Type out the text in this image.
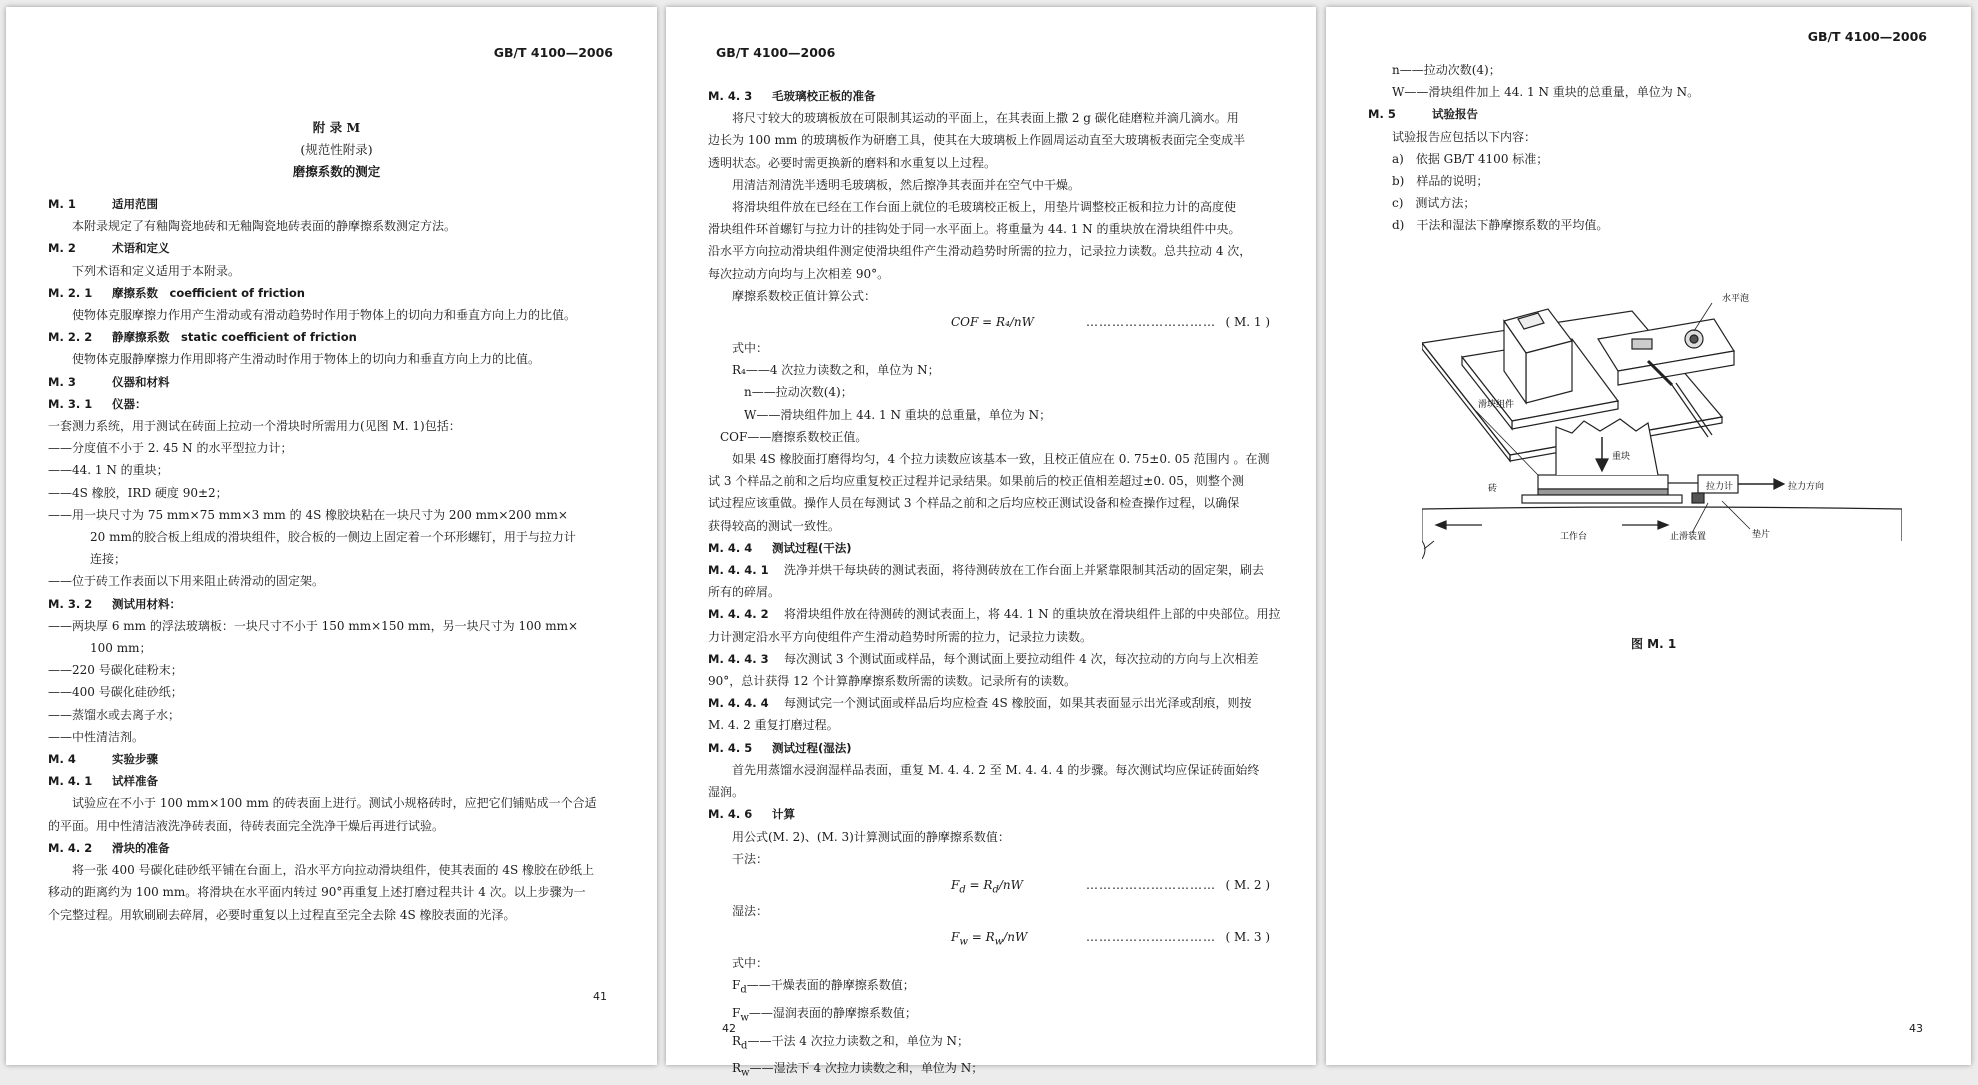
GB/T 4100—2006
附 录 M
(规范性附录)
磨擦系数的测定
M. 1	适用范围
本附录规定了有釉陶瓷地砖和无釉陶瓷地砖表面的静摩擦系数测定方法。
M. 2	术语和定义
下列术语和定义适用于本附录。
M. 2. 1 摩擦系数　coefficient of friction
使物体克服摩擦力作用产生滑动或有滑动趋势时作用于物体上的切向力和垂直方向上力的比值。
M. 2. 2 静摩擦系数　static coefficient of friction
使物体克服静摩擦力作用即将产生滑动时作用于物体上的切向力和垂直方向上力的比值。
M. 3	仪器和材料
M. 3. 1 仪器：
一套测力系统，用于测试在砖面上拉动一个滑块时所需用力(见图 M. 1)包括：
——分度值不小于 2. 45 N 的水平型拉力计；
——44. 1 N 的重块；
——4S 橡胶，IRD 硬度 90±2；
——用一块尺寸为 75 mm×75 mm×3 mm 的 4S 橡胶块粘在一块尺寸为 200 mm×200 mm×
20 mm的胶合板上组成的滑块组件，胶合板的一侧边上固定着一个环形螺钉，用于与拉力计
连接；
——位于砖工作表面以下用来阻止砖滑动的固定架。
M. 3. 2 测试用材料：
——两块厚 6 mm 的浮法玻璃板：一块尺寸不小于 150 mm×150 mm，另一块尺寸为 100 mm×
100 mm；
——220 号碳化硅粉末；
——400 号碳化硅砂纸；
——蒸馏水或去离子水；
——中性清洁剂。
M. 4	实验步骤
M. 4. 1 试样准备
试验应在不小于 100 mm×100 mm 的砖表面上进行。测试小规格砖时，应把它们铺贴成一个合适
的平面。用中性清洁液洗净砖表面，待砖表面完全洗净干燥后再进行试验。
M. 4. 2 滑块的准备
将一张 400 号碳化硅砂纸平铺在台面上，沿水平方向拉动滑块组件，使其表面的 4S 橡胶在砂纸上
移动的距离约为 100 mm。将滑块在水平面内转过 90°再重复上述打磨过程共计 4 次。以上步骤为一
个完整过程。用软刷刷去碎屑，必要时重复以上过程直至完全去除 4S 橡胶表面的光泽。
41
GB/T 4100—2006
M. 4. 3 毛玻璃校正板的准备
将尺寸较大的玻璃板放在可限制其运动的平面上，在其表面上撒 2 g 碳化硅磨粒并滴几滴水。用
边长为 100 mm 的玻璃板作为研磨工具，使其在大玻璃板上作圆周运动直至大玻璃板表面完全变成半
透明状态。必要时需更换新的磨料和水重复以上过程。
用清洁剂清洗半透明毛玻璃板，然后擦净其表面并在空气中干燥。
将滑块组件放在已经在工作台面上就位的毛玻璃校正板上，用垫片调整校正板和拉力计的高度使
滑块组件环首螺钉与拉力计的挂钩处于同一水平面上。将重量为 44. 1 N 的重块放在滑块组件中央。
沿水平方向拉动滑块组件测定使滑块组件产生滑动趋势时所需的拉力，记录拉力读数。总共拉动 4 次，
每次拉动方向均与上次相差 90°。
摩擦系数校正值计算公式：
COF = R₄/nW	………………………… ( M. 1 )
式中：
R₄——4 次拉力读数之和，单位为 N；
　n——拉动次数(4)；
　W——滑块组件加上 44. 1 N 重块的总重量，单位为 N；
　COF——磨擦系数校正值。
如果 4S 橡胶面打磨得均匀，4 个拉力读数应该基本一致，且校正值应在 0. 75±0. 05 范围内 。在测
试 3 个样品之前和之后均应重复校正过程并记录结果。如果前后的校正值相差超过±0. 05，则整个测
试过程应该重做。操作人员在每测试 3 个样品之前和之后均应校正测试设备和检查操作过程，以确保
获得较高的测试一致性。
M. 4. 4 测试过程(干法)
M. 4. 4. 1 洗净并烘干每块砖的测试表面，将待测砖放在工作台面上并紧靠限制其活动的固定架，刷去
所有的碎屑。
M. 4. 4. 2 将滑块组件放在待测砖的测试表面上，将 44. 1 N 的重块放在滑块组件上部的中央部位。用拉
力计测定沿水平方向使组件产生滑动趋势时所需的拉力，记录拉力读数。
M. 4. 4. 3 每次测试 3 个测试面或样品，每个测试面上要拉动组件 4 次，每次拉动的方向与上次相差
90°，总计获得 12 个计算静摩擦系数所需的读数。记录所有的读数。
M. 4. 4. 4 每测试完一个测试面或样品后均应检查 4S 橡胶面，如果其表面显示出光泽或刮痕，则按
M. 4. 2 重复打磨过程。
M. 4. 5 测试过程(湿法)
首先用蒸馏水浸润湿样品表面，重复 M. 4. 4. 2 至 M. 4. 4. 4 的步骤。每次测试均应保证砖面始终
湿润。
M. 4. 6 计算
用公式(M. 2)、(M. 3)计算测试面的静摩擦系数值：
干法：
$F_d = R_d/nW$	………………………… ( M. 2 )
湿法：
$F_w = R_w/nW$	………………………… ( M. 3 )
式中：
$F_d——$干燥表面的静摩擦系数值；
$F_w——$湿润表面的静摩擦系数值；
$R_d——$干法 4 次拉力读数之和，单位为 N；
$R_w——$湿法下 4 次拉力读数之和，单位为 N；
42
GB/T 4100—2006
n——拉动次数(4)；
W——滑块组件加上 44. 1 N 重块的总重量，单位为 N。
M. 5	试验报告
试验报告应包括以下内容：
a)　依据 GB/T 4100 标准；
b)　样品的说明；
c)　测试方法；
d)　干法和湿法下静摩擦系数的平均值。
水平泡
滑块组件
砖
重块
拉力计	拉力方向
垫片
止滑装置
工作台
图 M. 1
43
